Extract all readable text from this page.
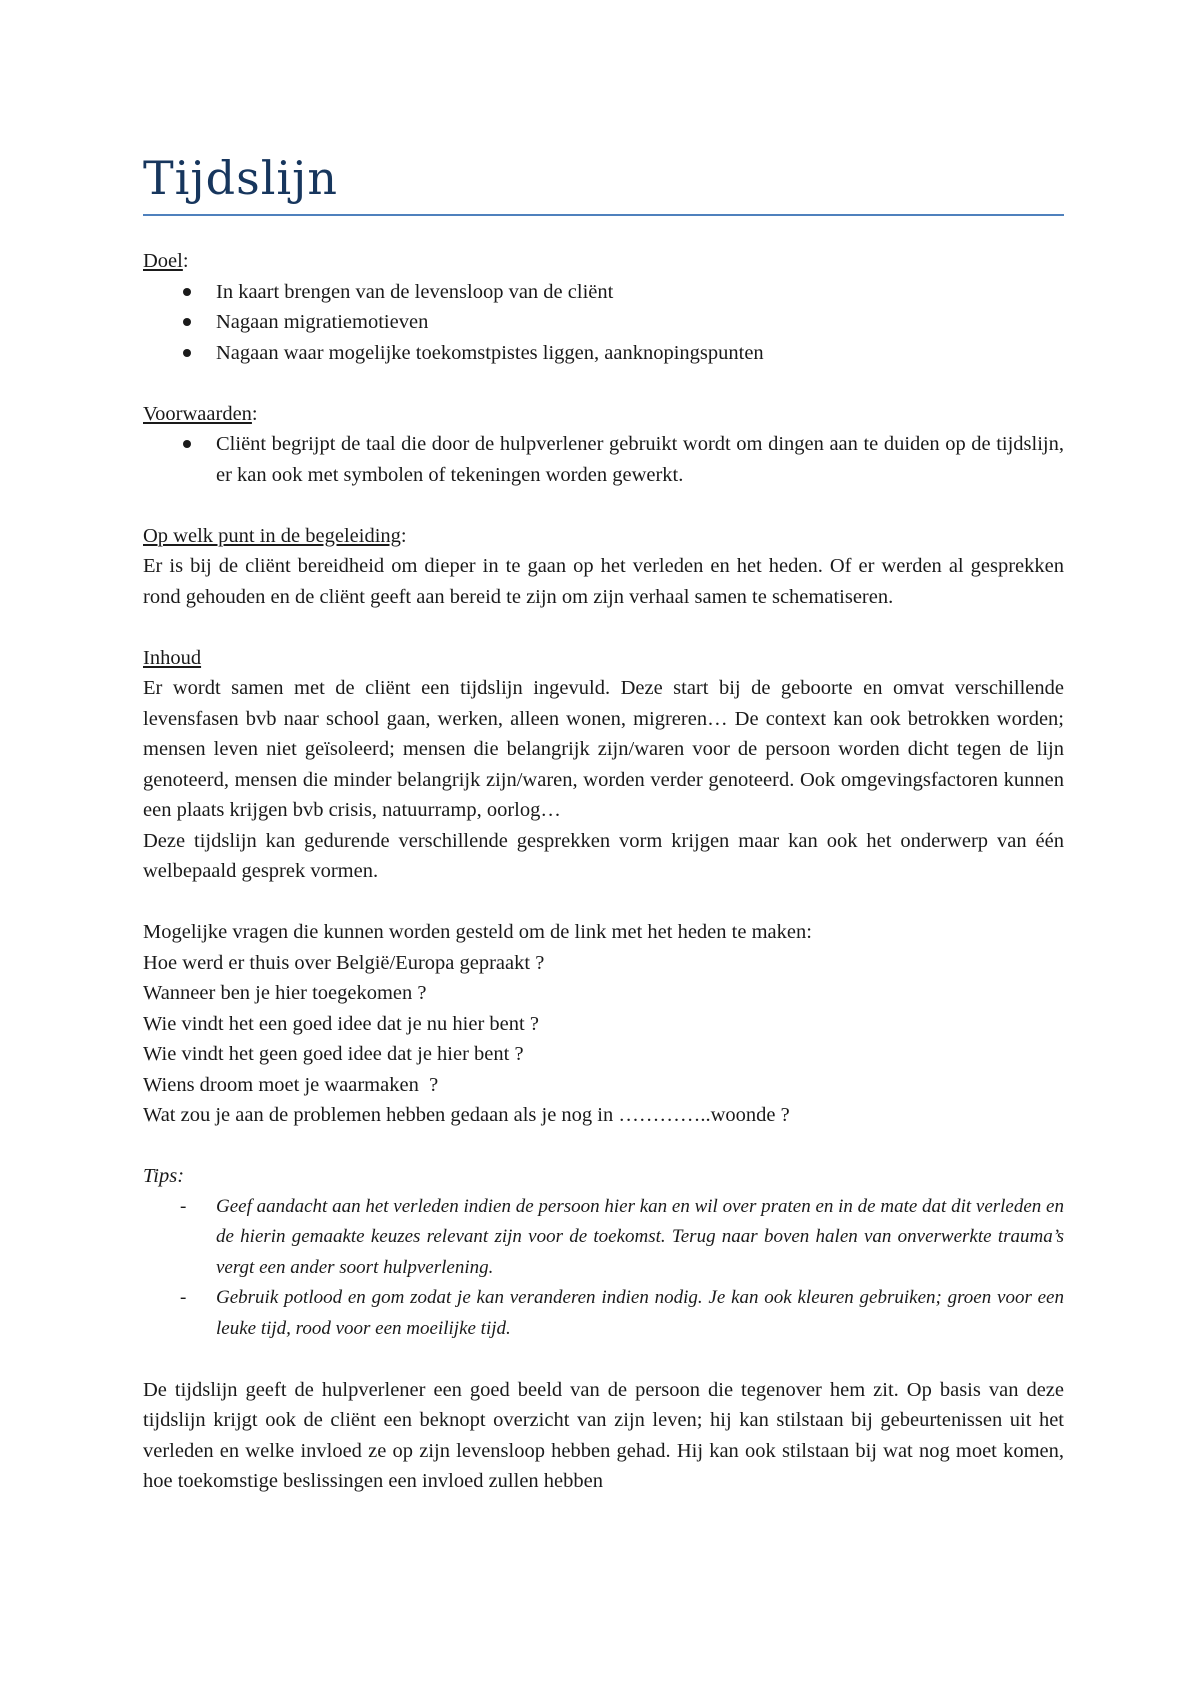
Tijdslijn

Doel:

In kaart brengen van de levensloop van de cliënt
Nagaan migratiemotieven
Nagaan waar mogelijke toekomstpistes liggen, aanknopingspunten

Voorwaarden:

Cliënt begrijpt de taal die door de hulpverlener gebruikt wordt om dingen aan te duiden op de tijdslijn, er kan ook met symbolen of tekeningen worden gewerkt.

Op welk punt in de begeleiding:

Er is bij de cliënt bereidheid om dieper in te gaan op het verleden en het heden. Of er werden al gesprekken rond gehouden en de cliënt geeft aan bereid te zijn om zijn verhaal samen te schematiseren.

Inhoud

Er wordt samen met de cliënt een tijdslijn ingevuld. Deze start bij de geboorte en omvat verschillende levensfasen bvb naar school gaan, werken, alleen wonen, migreren… De context kan ook betrokken worden; mensen leven niet geïsoleerd; mensen die belangrijk zijn/waren voor de persoon worden dicht tegen de lijn genoteerd, mensen die minder belangrijk zijn/waren, worden verder genoteerd. Ook omgevingsfactoren kunnen een plaats krijgen bvb crisis, natuurramp, oorlog…

Deze tijdslijn kan gedurende verschillende gesprekken vorm krijgen maar kan ook het onderwerp van één welbepaald gesprek vormen.

Mogelijke vragen die kunnen worden gesteld om de link met het heden te maken:

Hoe werd er thuis over België/Europa gepraakt ?

Wanneer ben je hier toegekomen ?

Wie vindt het een goed idee dat je nu hier bent ?

Wie vindt het geen goed idee dat je hier bent ?

Wiens droom moet je waarmaken  ?

Wat zou je aan de problemen hebben gedaan als je nog in …………..woonde ?

Tips:

- Geef aandacht aan het verleden indien de persoon hier kan en wil over praten en in de mate dat dit verleden en de hierin gemaakte keuzes relevant zijn voor de toekomst. Terug naar boven halen van onverwerkte trauma’s vergt een ander soort hulpverlening.
- Gebruik potlood en gom zodat je kan veranderen indien nodig. Je kan ook kleuren gebruiken; groen voor een leuke tijd, rood voor een moeilijke tijd.

De tijdslijn geeft de hulpverlener een goed beeld van de persoon die tegenover hem zit. Op basis van deze tijdslijn krijgt ook de cliënt een beknopt overzicht van zijn leven; hij kan stilstaan bij gebeurtenissen uit het verleden en welke invloed ze op zijn levensloop hebben gehad. Hij kan ook stilstaan bij wat nog moet komen, hoe toekomstige beslissingen een invloed zullen hebben
